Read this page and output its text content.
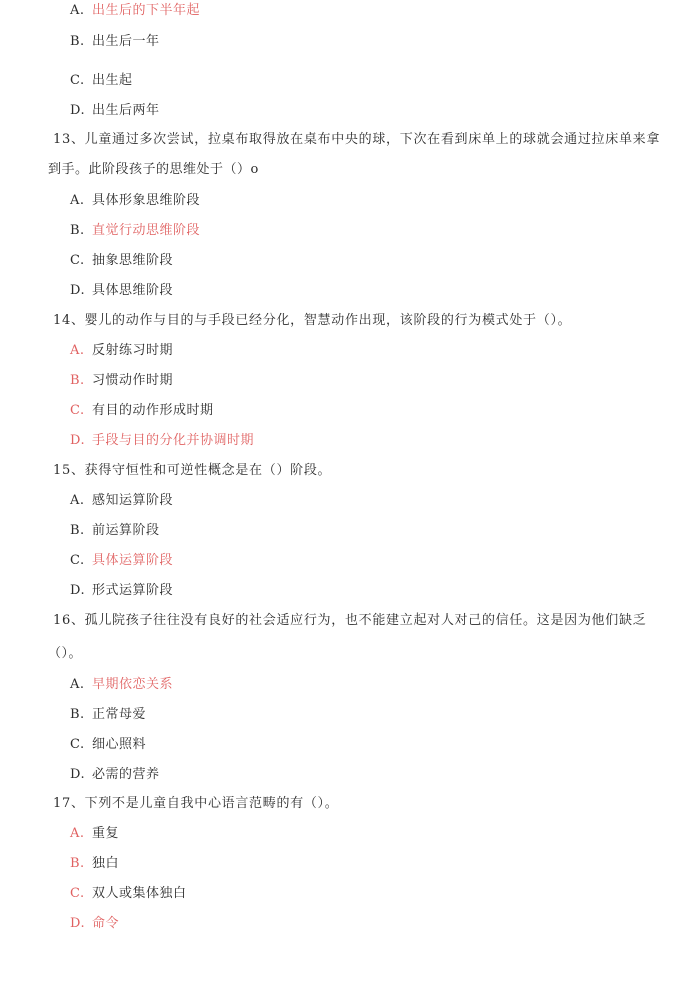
A. 出生后的下半年起
B. 出生后一年
C. 出生起
D. 出生后两年
13、儿童通过多次尝试，拉桌布取得放在桌布中央的球，下次在看到床单上的球就会通过拉床单来拿
到手。此阶段孩子的思维处于（）o
A. 具体形象思维阶段
B. 直觉行动思维阶段
C. 抽象思维阶段
D. 具体思维阶段
14、婴儿的动作与目的与手段已经分化，智慧动作出现，该阶段的行为模式处于（）。
A. 反射练习时期
B. 习惯动作时期
C. 有目的动作形成时期
D. 手段与目的分化并协调时期
15、获得守恒性和可逆性概念是在（）阶段。
A. 感知运算阶段
B. 前运算阶段
C. 具体运算阶段
D. 形式运算阶段
16、孤儿院孩子往往没有良好的社会适应行为，也不能建立起对人对己的信任。这是因为他们缺乏
（）。
A. 早期依恋关系
B. 正常母爱
C. 细心照料
D. 必需的营养
17、下列不是儿童自我中心语言范畴的有（）。
A. 重复
B. 独白
C. 双人或集体独白
D. 命令
